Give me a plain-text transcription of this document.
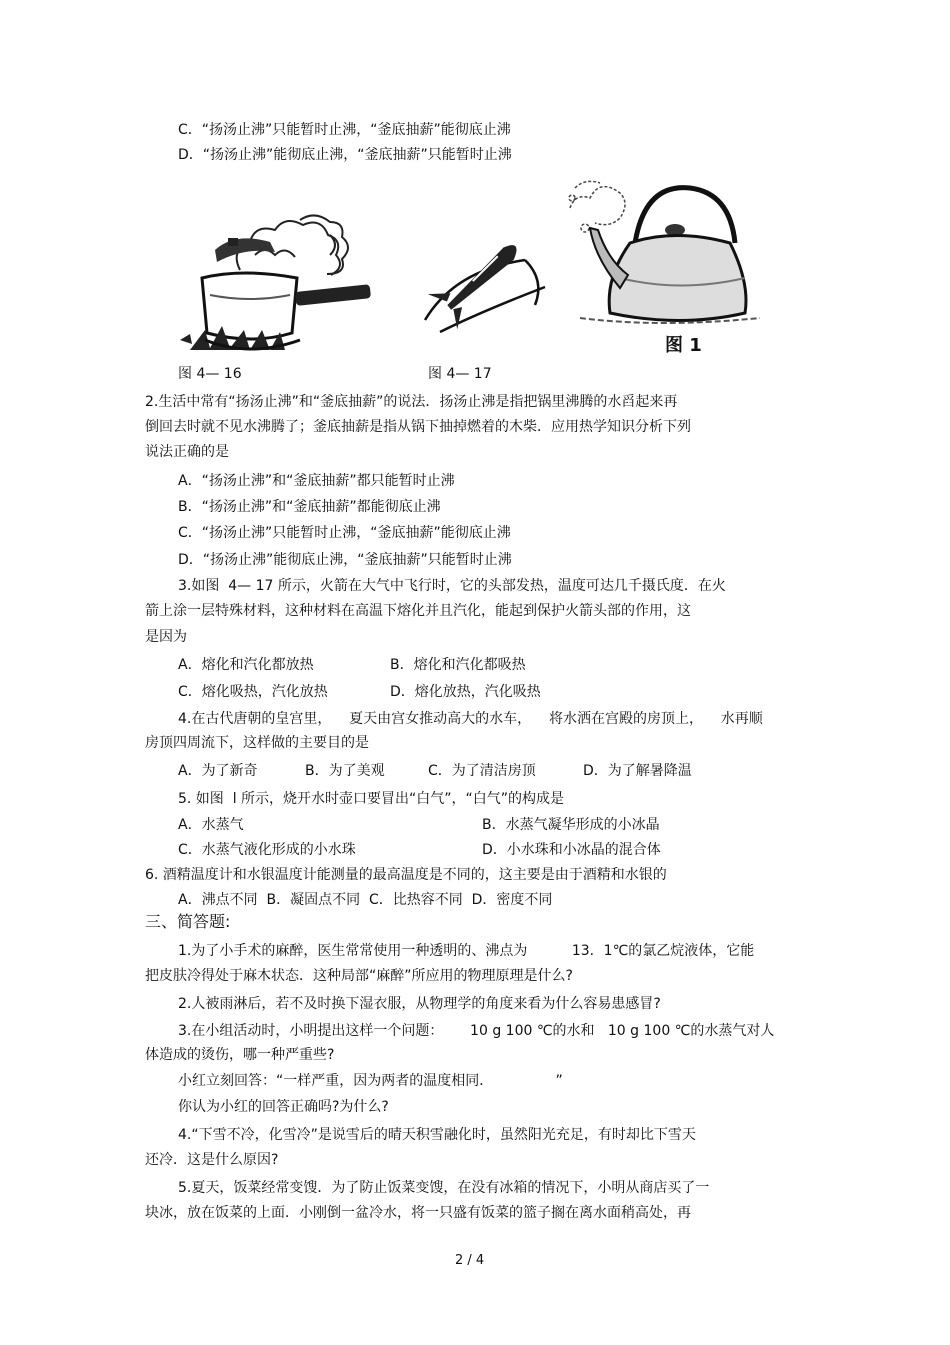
C．“扬汤止沸”只能暂时止沸，“釜底抽薪”能彻底止沸
D．“扬汤止沸”能彻底止沸，“釜底抽薪”只能暂时止沸
图 1
图 4— 16	图 4— 17
2.生活中常有“扬汤止沸”和“釜底抽薪”的说法．扬汤止沸是指把锅里沸腾的水舀起来再
倒回去时就不见水沸腾了；釜底抽薪是指从锅下抽掉燃着的木柴．应用热学知识分析下列
说法正确的是
A．“扬汤止沸”和“釜底抽薪”都只能暂时止沸
B．“扬汤止沸”和“釜底抽薪”都能彻底止沸
C．“扬汤止沸”只能暂时止沸，“釜底抽薪”能彻底止沸
D．“扬汤止沸”能彻底止沸，“釜底抽薪”只能暂时止沸
3.如图  4— 17 所示，火箭在大气中飞行时，它的头部发热，温度可达几千摄氏度．在火
箭上涂一层特殊材料，这种材料在高温下熔化并且汽化，能起到保护火箭头部的作用，这
是因为
A．熔化和汽化都放热	B．熔化和汽化都吸热
C．熔化吸热，汽化放热	D．熔化放热，汽化吸热
4.在古代唐朝的皇宫里，    夏天由宫女推动高大的水车，    将水洒在宫殿的房顶上，    水再顺
房顶四周流下，这样做的主要目的是
A．为了新奇	B．为了美观	C．为了清洁房顶	D．为了解暑降温
5. 如图  l 所示，烧开水时壶口要冒出“白气”，“白气”的构成是
A．水蒸气	B．水蒸气凝华形成的小冰晶
C．水蒸气液化形成的小水珠	D．小水珠和小冰晶的混合体
6. 酒精温度计和水银温度计能测量的最高温度是不同的，这主要是由于酒精和水银的
A．沸点不同  B．凝固点不同  C．比热容不同  D．密度不同
三、简答题:
1.为了小手术的麻醉，医生常常使用一种透明的、沸点为          13．1℃的氯乙烷液体，它能
把皮肤冷得处于麻木状态．这种局部“麻醉”所应用的物理原理是什么?
2.人被雨淋后，若不及时换下湿衣服，从物理学的角度来看为什么容易患感冒?
3.在小组活动时，小明提出这样一个问题：      10 g 100 ℃的水和   10 g 100 ℃的水蒸气对人
体造成的烫伤，哪一种严重些?
小红立刻回答：“一样严重，因为两者的温度相同．              ”
你认为小红的回答正确吗?为什么?
4.“下雪不冷，化雪冷”是说雪后的晴天积雪融化时，虽然阳光充足，有时却比下雪天
还冷．这是什么原因?
5.夏天，饭菜经常变馊．为了防止饭菜变馊，在没有冰箱的情况下，小明从商店买了一
块冰，放在饭菜的上面．小刚倒一盆冷水，将一只盛有饭菜的篮子搁在离水面稍高处，再
2 / 4
